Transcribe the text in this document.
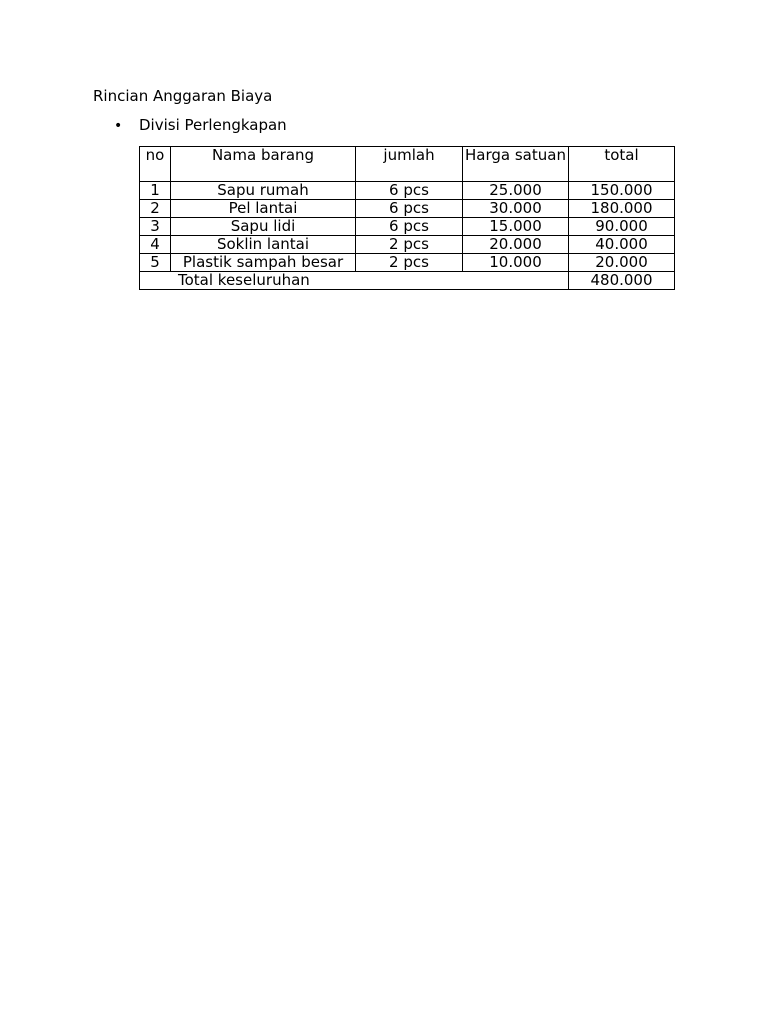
Rincian Anggaran Biaya
• Divisi Perlengkapan
no	Nama barang	jumlah	Harga satuan	total
1	Sapu rumah	6 pcs	25.000	150.000
2	Pel lantai	6 pcs	30.000	180.000
3	Sapu lidi	6 pcs	15.000	90.000
4	Soklin lantai	2 pcs	20.000	40.000
5	Plastik sampah besar	2 pcs	10.000	20.000
Total keseluruhan				480.000
